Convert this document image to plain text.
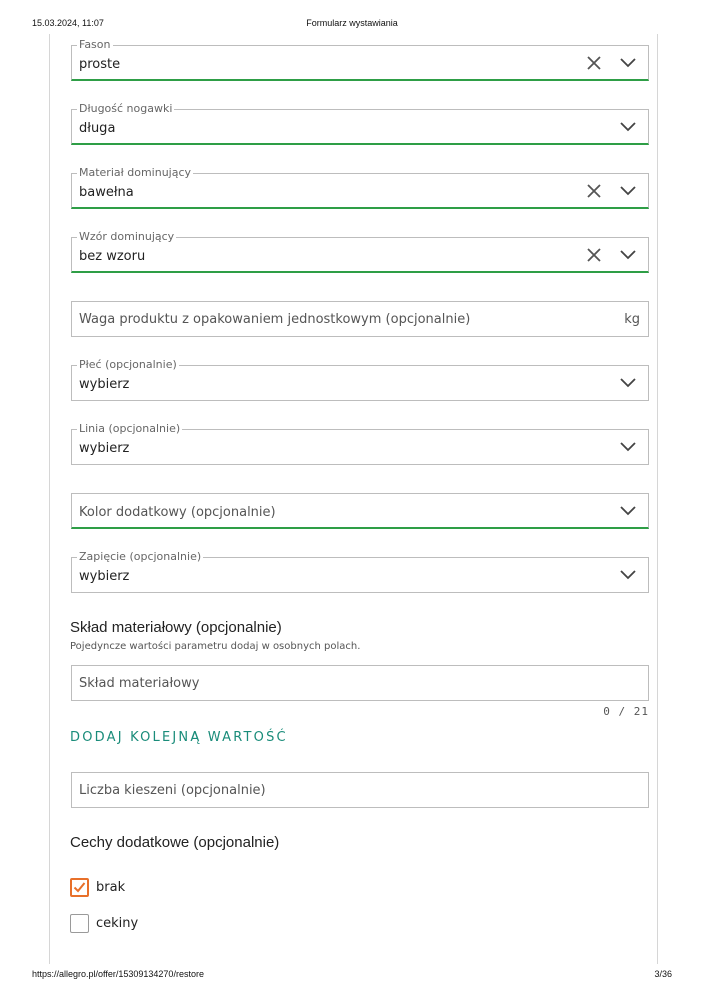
15.03.2024, 11:07	Formularz wystawiania
Fason
proste
Długość nogawki
długa
Materiał dominujący
bawełna
Wzór dominujący
bez wzoru
Waga produktu z opakowaniem jednostkowym (opcjonalnie)	kg
Płeć (opcjonalnie)
wybierz
Linia (opcjonalnie)
wybierz
Kolor dodatkowy (opcjonalnie)
Zapięcie (opcjonalnie)
wybierz
Skład materiałowy (opcjonalnie)
Pojedyncze wartości parametru dodaj w osobnych polach.
Skład materiałowy
0 / 21
DODAJ KOLEJNĄ WARTOŚĆ
Liczba kieszeni (opcjonalnie)
Cechy dodatkowe (opcjonalnie)
brak
cekiny
https://allegro.pl/offer/15309134270/restore	3/36
